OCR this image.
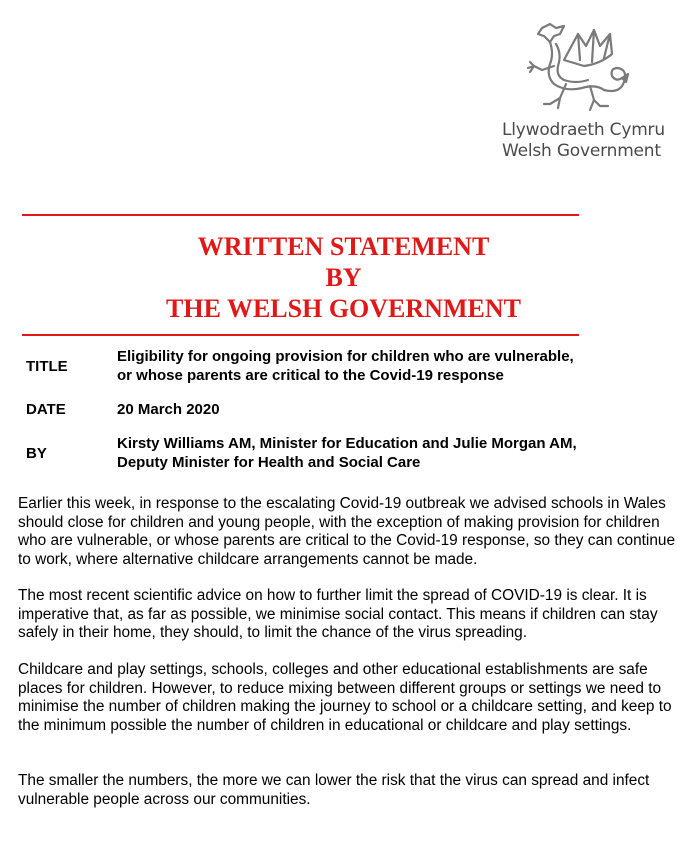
Llywodraeth Cymru
Welsh Government
WRITTEN STATEMENT
BY
THE WELSH GOVERNMENT
TITLE
Eligibility for ongoing provision for children who are vulnerable,
or whose parents are critical to the Covid-19 response
DATE	20 March 2020
BY
Kirsty Williams AM, Minister for Education and Julie Morgan AM,
Deputy Minister for Health and Social Care

Earlier this week, in response to the escalating Covid-19 outbreak we advised schools in Wales should close for children and young people, with the exception of making provision for children who are vulnerable, or whose parents are critical to the Covid-19 response, so they can continue to work, where alternative childcare arrangements cannot be made.

The most recent scientific advice on how to further limit the spread of COVID-19 is clear. It is imperative that, as far as possible, we minimise social contact. This means if children can stay safely in their home, they should, to limit the chance of the virus spreading.

Childcare and play settings, schools, colleges and other educational establishments are safe places for children. However, to reduce mixing between different groups or settings we need to minimise the number of children making the journey to school or a childcare setting, and keep to the minimum possible the number of children in educational or childcare and play settings.

The smaller the numbers, the more we can lower the risk that the virus can spread and infect vulnerable people across our communities.
